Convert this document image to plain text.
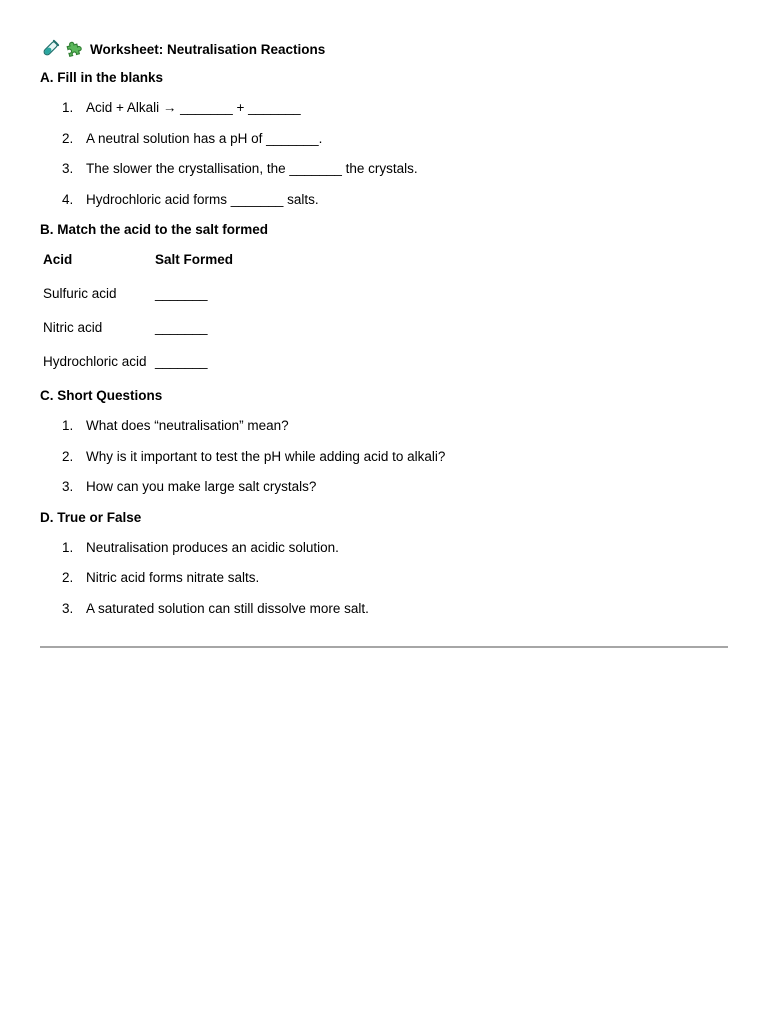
Worksheet: Neutralisation Reactions
A. Fill in the blanks
1. Acid + Alkali → _______ + _______
2. A neutral solution has a pH of _______.
3. The slower the crystallisation, the _______ the crystals.
4. Hydrochloric acid forms _______ salts.
B. Match the acid to the salt formed
Acid	Salt Formed
Sulfuric acid	_______
Nitric acid	_______
Hydrochloric acid _______
C. Short Questions
1. What does “neutralisation” mean?
2. Why is it important to test the pH while adding acid to alkali?
3. How can you make large salt crystals?
D. True or False
1. Neutralisation produces an acidic solution.
2. Nitric acid forms nitrate salts.
3. A saturated solution can still dissolve more salt.
